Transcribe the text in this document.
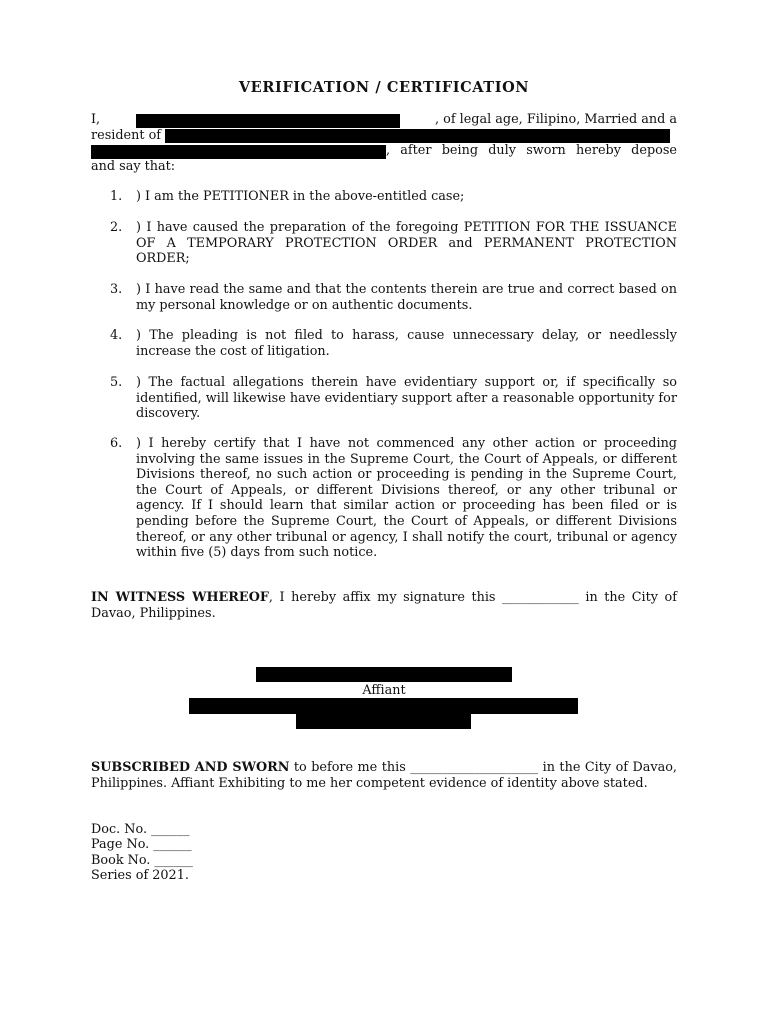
VERIFICATION / CERTIFICATION
I,	, of legal age, Filipino, Married and a
resident of
, after being duly sworn hereby depose
and say that:
1.	) I am the PETITIONER in the above-entitled case;
2.	) I have caused the preparation of the foregoing PETITION FOR THE ISSUANCE OF A TEMPORARY PROTECTION ORDER and PERMANENT PROTECTION ORDER;
3.	) I have read the same and that the contents therein are true and correct based on my personal knowledge or on authentic documents.
4.	) The pleading is not filed to harass, cause unnecessary delay, or needlessly increase the cost of litigation.
5.	) The factual allegations therein have evidentiary support or, if specifically so identified, will likewise have evidentiary support after a reasonable opportunity for discovery.
6.	) I hereby certify that I have not commenced any other action or proceeding involving the same issues in the Supreme Court, the Court of Appeals, or different Divisions thereof, no such action or proceeding is pending in the Supreme Court, the Court of Appeals, or different Divisions thereof, or any other tribunal or agency. If I should learn that similar action or proceeding has been filed or is pending before the Supreme Court, the Court of Appeals, or different Divisions thereof, or any other tribunal or agency, I shall notify the court, tribunal or agency within five (5) days from such notice.
IN WITNESS WHEREOF, I hereby affix my signature this ____________ in the City of Davao, Philippines.
Affiant
SUBSCRIBED AND SWORN to before me this ____________________ in the City of Davao, Philippines. Affiant Exhibiting to me her competent evidence of identity above stated.
Doc. No. ______
Page No. ______
Book No. ______
Series of 2021.
